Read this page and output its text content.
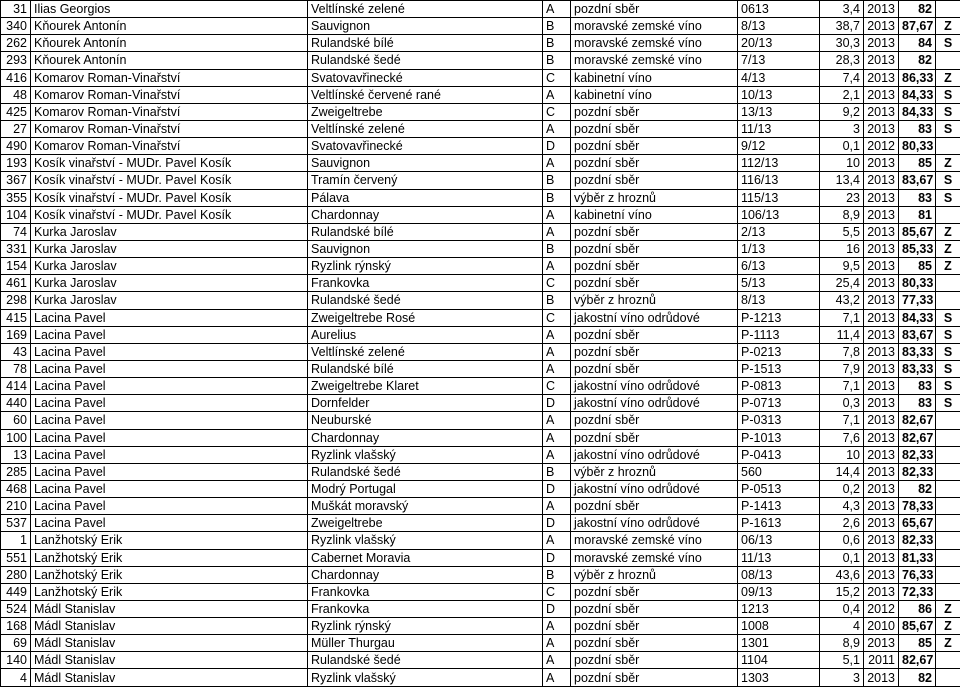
31	Ilias Georgios	Veltlínské zelené	A	pozdní sběr	0613	3,4	2013	82	
340	Kňourek Antonín	Sauvignon	B	moravské zemské víno	8/13	38,7	2013	87,67	Z
262	Kňourek Antonín	Rulandské bílé	B	moravské zemské víno	20/13	30,3	2013	84	S
293	Kňourek Antonín	Rulandské šedé	B	moravské zemské víno	7/13	28,3	2013	82	
416	Komarov Roman-Vinařství	Svatovavřinecké	C	kabinetní víno	4/13	7,4	2013	86,33	Z
48	Komarov Roman-Vinařství	Veltlínské červené rané	A	kabinetní víno	10/13	2,1	2013	84,33	S
425	Komarov Roman-Vinařství	Zweigeltrebe	C	pozdní sběr	13/13	9,2	2013	84,33	S
27	Komarov Roman-Vinařství	Veltlínské zelené	A	pozdní sběr	11/13	3	2013	83	S
490	Komarov Roman-Vinařství	Svatovavřinecké	D	pozdní sběr	9/12	0,1	2012	80,33	
193	Kosík vinařství - MUDr. Pavel Kosík	Sauvignon	A	pozdní sběr	112/13	10	2013	85	Z
367	Kosík vinařství - MUDr. Pavel Kosík	Tramín červený	B	pozdní sběr	116/13	13,4	2013	83,67	S
355	Kosík vinařství - MUDr. Pavel Kosík	Pálava	B	výběr z hroznů	115/13	23	2013	83	S
104	Kosík vinařství - MUDr. Pavel Kosík	Chardonnay	A	kabinetní víno	106/13	8,9	2013	81	
74	Kurka Jaroslav	Rulandské bílé	A	pozdní sběr	2/13	5,5	2013	85,67	Z
331	Kurka Jaroslav	Sauvignon	B	pozdní sběr	1/13	16	2013	85,33	Z
154	Kurka Jaroslav	Ryzlink rýnský	A	pozdní sběr	6/13	9,5	2013	85	Z
461	Kurka Jaroslav	Frankovka	C	pozdní sběr	5/13	25,4	2013	80,33	
298	Kurka Jaroslav	Rulandské šedé	B	výběr z hroznů	8/13	43,2	2013	77,33	
415	Lacina Pavel	Zweigeltrebe Rosé	C	jakostní víno odrůdové	P-1213	7,1	2013	84,33	S
169	Lacina Pavel	Aurelius	A	pozdní sběr	P-1113	11,4	2013	83,67	S
43	Lacina Pavel	Veltlínské zelené	A	pozdní sběr	P-0213	7,8	2013	83,33	S
78	Lacina Pavel	Rulandské bílé	A	pozdní sběr	P-1513	7,9	2013	83,33	S
414	Lacina Pavel	Zweigeltrebe Klaret	C	jakostní víno odrůdové	P-0813	7,1	2013	83	S
440	Lacina Pavel	Dornfelder	D	jakostní víno odrůdové	P-0713	0,3	2013	83	S
60	Lacina Pavel	Neuburské	A	pozdní sběr	P-0313	7,1	2013	82,67	
100	Lacina Pavel	Chardonnay	A	pozdní sběr	P-1013	7,6	2013	82,67	
13	Lacina Pavel	Ryzlink vlašský	A	jakostní víno odrůdové	P-0413	10	2013	82,33	
285	Lacina Pavel	Rulandské šedé	B	výběr z hroznů	560	14,4	2013	82,33	
468	Lacina Pavel	Modrý Portugal	D	jakostní víno odrůdové	P-0513	0,2	2013	82	
210	Lacina Pavel	Muškát moravský	A	pozdní sběr	P-1413	4,3	2013	78,33	
537	Lacina Pavel	Zweigeltrebe	D	jakostní víno odrůdové	P-1613	2,6	2013	65,67	
1	Lanžhotský Erik	Ryzlink vlašský	A	moravské zemské víno	06/13	0,6	2013	82,33	
551	Lanžhotský Erik	Cabernet Moravia	D	moravské zemské víno	11/13	0,1	2013	81,33	
280	Lanžhotský Erik	Chardonnay	B	výběr z hroznů	08/13	43,6	2013	76,33	
449	Lanžhotský Erik	Frankovka	C	pozdní sběr	09/13	15,2	2013	72,33	
524	Mádl Stanislav	Frankovka	D	pozdní sběr	1213	0,4	2012	86	Z
168	Mádl Stanislav	Ryzlink rýnský	A	pozdní sběr	1008	4	2010	85,67	Z
69	Mádl Stanislav	Müller Thurgau	A	pozdní sběr	1301	8,9	2013	85	Z
140	Mádl Stanislav	Rulandské šedé	A	pozdní sběr	1104	5,1	2011	82,67	
4	Mádl Stanislav	Ryzlink vlašský	A	pozdní sběr	1303	3	2013	82	
